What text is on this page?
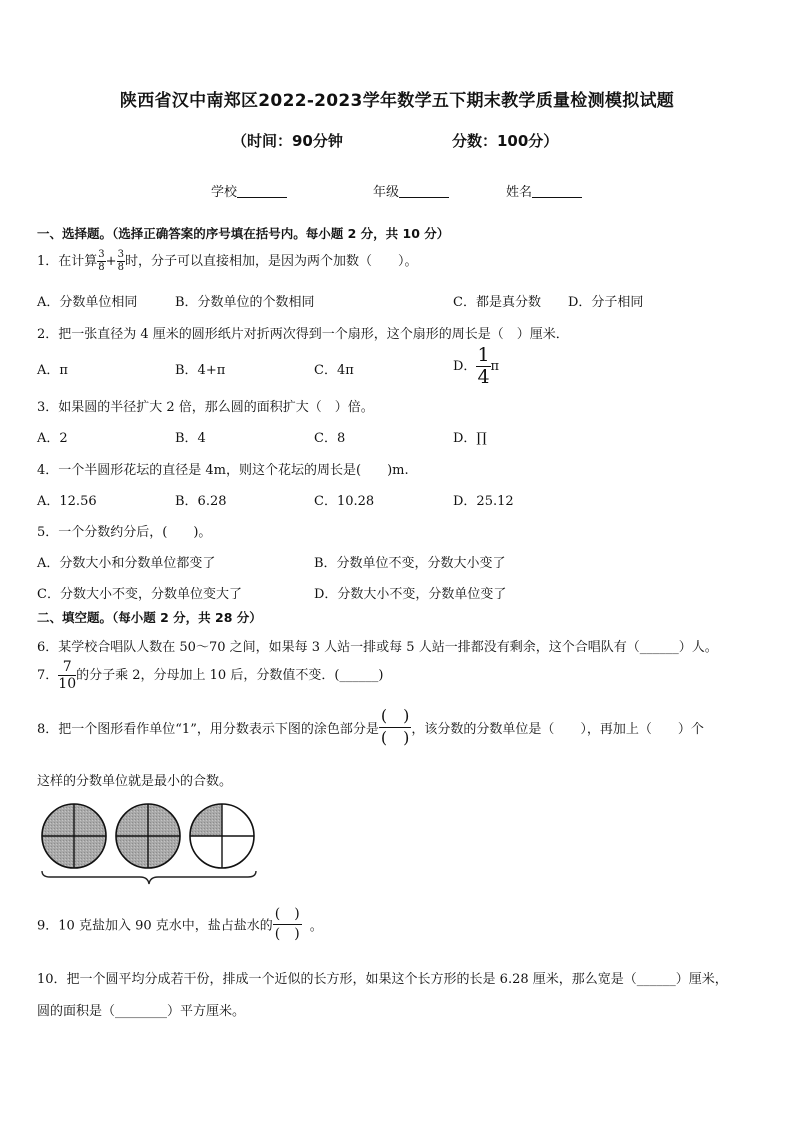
陕西省汉中南郑区2022-2023学年数学五下期末教学质量检测模拟试题
（时间：90分钟	分数：100分）
学校	年级	姓名
一、选择题。（选择正确答案的序号填在括号内。每小题 2 分，共 10 分）
1．在计算 $\frac{3}{8} + \frac{3}{8}$ 时，分子可以直接相加，是因为两个加数（　　）。
A．分数单位相同	B．分数单位的个数相同	C．都是真分数 D．分子相同
2．把一张直径为 4 厘米的圆形纸片对折两次得到一个扇形，这个扇形的周长是（　）厘米．
A．π	B．4+π	C．4π	D． $\frac{1}{4}$ π
3．如果圆的半径扩大 2 倍，那么圆的面积扩大（　）倍。
A．2	B．4	C．8	D．∏
4．一个半圆形花坛的直径是 4m，则这个花坛的周长是(　　)m.
A．12.56	B．6.28	C．10.28	D．25.12
5．一个分数约分后，(　　)。
A．分数大小和分数单位都变了	B．分数单位不变，分数大小变了
C．分数大小不变，分数单位变大了	D．分数大小不变，分数单位变了
二、填空题。（每小题 2 分，共 28 分）
6．某学校合唱队人数在 50～70 之间，如果每 3 人站一排或每 5 人站一排都没有剩余，这个合唱队有（______）人。
7． $\frac{7}{10}$ 的分子乘 2，分母加上 10 后，分数值不变．(______)
8．把一个图形看作单位“1”，用分数表示下图的涂色部分是 $\frac{( )}{( )}$ ，该分数的分数单位是（　　），再加上（　　）个
这样的分数单位就是最小的合数。
9．10 克盐加入 90 克水中，盐占盐水的 $\frac{( )}{( )}$ 。
10．把一个圆平均分成若干份，排成一个近似的长方形，如果这个长方形的长是 6.28 厘米，那么宽是（______）厘米，
圆的面积是（________）平方厘米。
